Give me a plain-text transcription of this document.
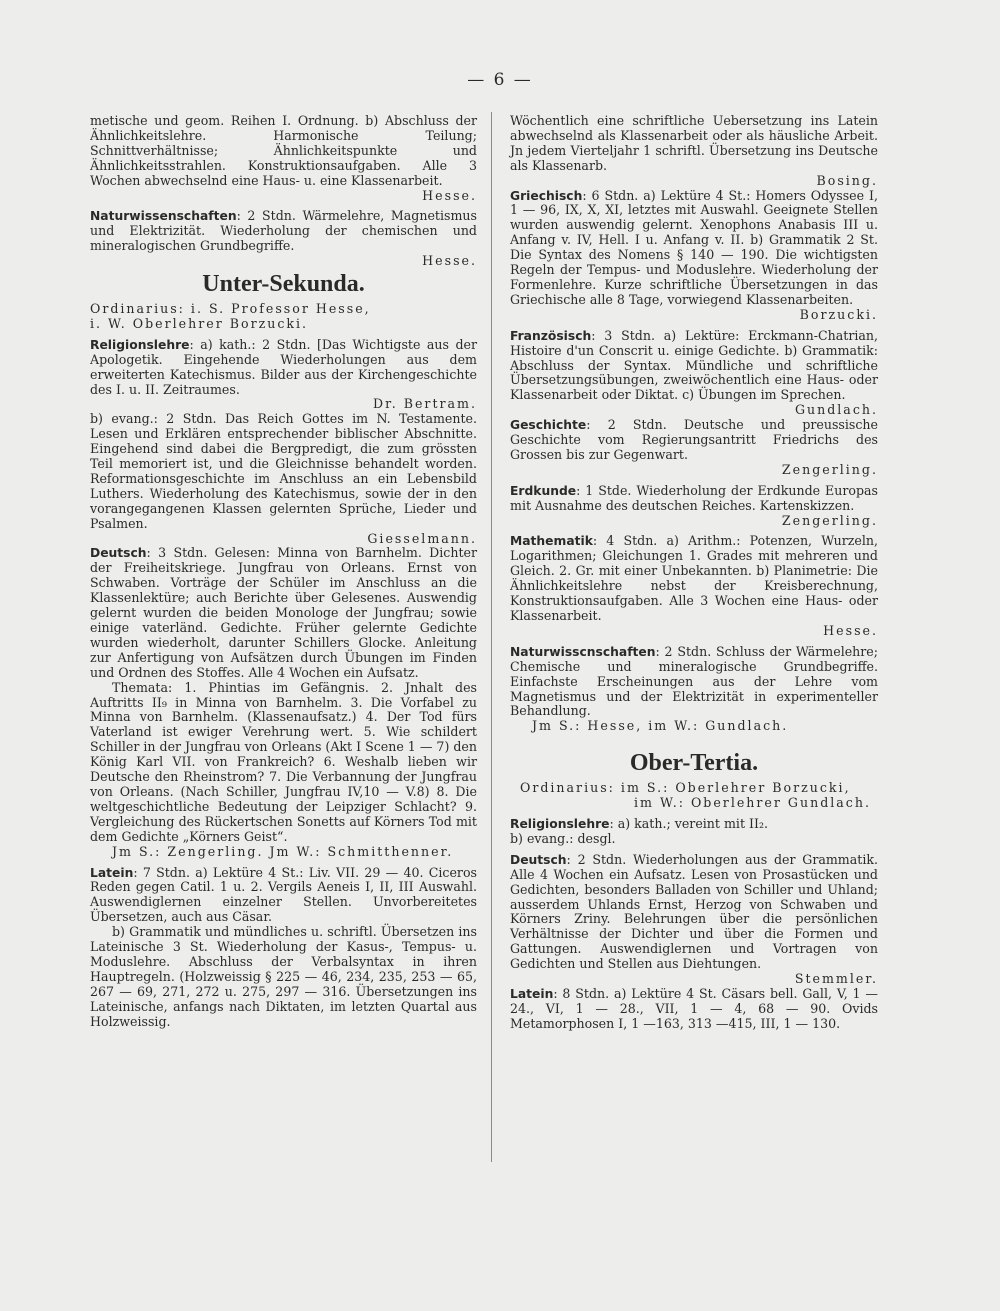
— 6 —

metische und geom. Reihen I. Ordnung. b) Abschluss der Ähnlichkeitslehre. Harmonische Teilung; Schnittverhältnisse; Ähnlichkeitspunkte und Ähnlichkeitsstrahlen. Konstruktionsaufgaben. Alle 3 Wochen abwechselnd eine Haus- u. eine Klassenarbeit.

Hesse.

Naturwissenschaften: 2 Stdn. Wärmelehre, Magnetismus und Elektrizität. Wiederholung der chemischen und mineralogischen Grundbegriffe.

Hesse.

Unter-Sekunda.

Ordinarius: i. S. Professor Hesse,

i. W. Oberlehrer Borzucki.

Religionslehre: a) kath.: 2 Stdn. [Das Wichtigste aus der Apologetik. Eingehende Wiederholungen aus dem erweiterten Katechismus. Bilder aus der Kirchengeschichte des I. u. II. Zeitraumes.

Dr. Bertram.

b) evang.: 2 Stdn. Das Reich Gottes im N. Testamente. Lesen und Erklären entsprechender biblischer Abschnitte. Eingehend sind dabei die Bergpredigt, die zum grössten Teil memoriert ist, und die Gleichnisse behandelt worden. Reformationsgeschichte im Anschluss an ein Lebensbild Luthers. Wiederholung des Katechismus, sowie der in den vorangegangenen Klassen gelernten Sprüche, Lieder und Psalmen.

Giesselmann.

Deutsch: 3 Stdn. Gelesen: Minna von Barnhelm. Dichter der Freiheitskriege. Jungfrau von Orleans. Ernst von Schwaben. Vorträge der Schüler im Anschluss an die Klassenlektüre; auch Berichte über Gelesenes. Auswendig gelernt wurden die beiden Monologe der Jungfrau; sowie einige vaterländ. Gedichte. Früher gelernte Gedichte wurden wiederholt, darunter Schillers Glocke. Anleitung zur Anfertigung von Aufsätzen durch Übungen im Finden und Ordnen des Stoffes. Alle 4 Wochen ein Aufsatz.

Themata: 1. Phintias im Gefängnis. 2. Jnhalt des Auftritts II₉ in Minna von Barnhelm. 3. Die Vorfabel zu Minna von Barnhelm. (Klassenaufsatz.) 4. Der Tod fürs Vaterland ist ewiger Verehrung wert. 5. Wie schildert Schiller in der Jungfrau von Orleans (Akt I Scene 1 — 7) den König Karl VII. von Frankreich? 6. Weshalb lieben wir Deutsche den Rheinstrom? 7. Die Verbannung der Jungfrau von Orleans. (Nach Schiller, Jungfrau IV,10 — V.8) 8. Die weltgeschichtliche Bedeutung der Leipziger Schlacht? 9. Vergleichung des Rückertschen Sonetts auf Körners Tod mit dem Gedichte „Körners Geist“.

Jm S.: Zengerling. Jm W.: Schmitthenner.

Latein: 7 Stdn. a) Lektüre 4 St.: Liv. VII. 29 — 40. Ciceros Reden gegen Catil. 1 u. 2. Vergils Aeneis I, II, III Auswahl. Auswendiglernen einzelner Stellen. Unvorbereitetes Übersetzen, auch aus Cäsar.

b) Grammatik und mündliches u. schriftl. Übersetzen ins Lateinische 3 St. Wiederholung der Kasus-, Tempus- u. Moduslehre. Abschluss der Verbalsyntax in ihren Hauptregeln. (Holzweissig § 225 — 46, 234, 235, 253 — 65, 267 — 69, 271, 272 u. 275, 297 — 316. Übersetzungen ins Lateinische, anfangs nach Diktaten, im letzten Quartal aus Holzweissig.

Wöchentlich eine schriftliche Uebersetzung ins Latein abwechselnd als Klassenarbeit oder als häusliche Arbeit. Jn jedem Vierteljahr 1 schriftl. Übersetzung ins Deutsche als Klassenarb.

Bosing.

Griechisch: 6 Stdn. a) Lektüre 4 St.: Homers Odyssee I, 1 — 96, IX, X, XI, letztes mit Auswahl. Geeignete Stellen wurden auswendig gelernt. Xenophons Anabasis III u. Anfang v. IV, Hell. I u. Anfang v. II. b) Grammatik 2 St. Die Syntax des Nomens § 140 — 190. Die wichtigsten Regeln der Tempus- und Moduslehre. Wiederholung der Formenlehre. Kurze schriftliche Übersetzungen in das Griechische alle 8 Tage, vorwiegend Klassenarbeiten.

Borzucki.

Französisch: 3 Stdn. a) Lektüre: Erckmann-Chatrian, Histoire d'un Conscrit u. einige Gedichte. b) Grammatik: Abschluss der Syntax. Mündliche und schriftliche Übersetzungsübungen, zweiwöchentlich eine Haus- oder Klassenarbeit oder Diktat. c) Übungen im Sprechen.

Gundlach.

Geschichte: 2 Stdn. Deutsche und preussische Geschichte vom Regierungsantritt Friedrichs des Grossen bis zur Gegenwart.

Zengerling.

Erdkunde: 1 Stde. Wiederholung der Erdkunde Europas mit Ausnahme des deutschen Reiches. Kartenskizzen.

Zengerling.

Mathematik: 4 Stdn. a) Arithm.: Potenzen, Wurzeln, Logarithmen; Gleichungen 1. Grades mit mehreren und Gleich. 2. Gr. mit einer Unbekannten. b) Planimetrie: Die Ähnlichkeitslehre nebst der Kreisberechnung, Konstruktionsaufgaben. Alle 3 Wochen eine Haus- oder Klassenarbeit.

Hesse.

Naturwisscnschaften: 2 Stdn. Schluss der Wärmelehre; Chemische und mineralogische Grundbegriffe. Einfachste Erscheinungen aus der Lehre vom Magnetismus und der Elektrizität in experimenteller Behandlung.

Jm S.: Hesse, im W.: Gundlach.

Ober-Tertia.

Ordinarius: im S.: Oberlehrer Borzucki,

im W.: Oberlehrer Gundlach.

Religionslehre: a) kath.; vereint mit II₂.

b) evang.: desgl.

Deutsch: 2 Stdn. Wiederholungen aus der Grammatik. Alle 4 Wochen ein Aufsatz. Lesen von Prosastücken und Gedichten, besonders Balladen von Schiller und Uhland; ausserdem Uhlands Ernst, Herzog von Schwaben und Körners Zriny. Belehrungen über die persönlichen Verhältnisse der Dichter und über die Formen und Gattungen. Auswendiglernen und Vortragen von Gedichten und Stellen aus Diehtungen.

Stemmler.

Latein: 8 Stdn. a) Lektüre 4 St. Cäsars bell. Gall, V, 1 — 24., VI, 1 — 28., VII, 1 — 4, 68 — 90. Ovids Metamorphosen I, 1 —163, 313 —415, III, 1 — 130.
